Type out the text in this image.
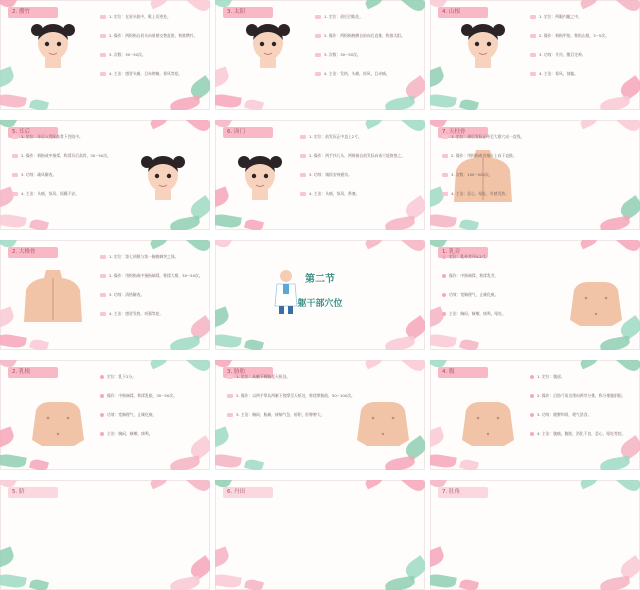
2. 攒竹
1. 定位：在眉头陷中，眶上切迹处。
2. 操作：两拇指自眉头向眉梢交替直推，称推攒竹。
3. 次数：30~50次。
4. 主治：感冒头痛，目赤肿痛，惊风等症。
3. 太阳
1. 定位：眉后凹陷处。
2. 操作：两拇指桡侧自前向后直推，称推太阳。
3. 次数：30~50次。
4. 主治：发热，头痛，惊风，目赤痛。
4. 山根
1. 定位：两眼内眦之中。
2. 操作：拇指甲掐，称掐山根，3~5次。
3. 功效：开窍，醒目定神。
4. 主治：惊风，抽搐。
5. 耳后
1. 定位：耳后入发际高骨下凹陷中。
2. 操作：拇指或中指揉，称揉耳后高骨，30~50次。
3. 功效：疏风解表。
4. 主治：头痛，惊风，烦躁不安。
6. 囟门
1. 定位：前发际正中直上2寸。
2. 操作：两手扶儿头，两拇指自前发际向该穴轮换推之。
3. 功效：镇惊安神通窍。
4. 主治：头痛，惊风，鼻塞。
7. 天柱骨
1. 定位：颈后发际正中至大椎穴成一直线。
2. 操作：用拇指或食指自上向下直推。
3. 次数：100~500次。
4. 主治：恶心，呕吐，外感发热。
2. 大椎骨
1. 定位：第七颈椎与第一胸椎棘突之间。
2. 操作：用拇指或中指指端揉，称揉大椎，30~50次。
3. 功效：清热解表。
4. 主治：感冒发热，项强等症。
第二节
躯干部穴位
1. 乳旁
定位：乳外旁开0.2寸。
操作：中指端揉，称揉乳旁。
功效：宽胸理气，止咳化痰。
主治：胸闷，咳嗽，痰鸣，呕吐。
2. 乳根
定位：乳下2分。
操作：中指端揉，称揉乳根，30~50次。
功效：宽胸理气，止咳化痰。
主治：胸闷，咳嗽，痰鸣。
3. 胁肋
1. 定位：从腋下两胁至天枢处。
2. 操作：以两手掌从两腋下搓摩至天枢处，称搓摩胁肋，50~100次。
3. 主治：胸闷，胁痛，痰喘气急，疳积，肝脾肿大。
4. 腹
1. 定位：腹部。
2. 操作：沿肋弓角边缘向两旁分推，称分推腹阴阳。
3. 功效：健脾和胃，理气消食。
4. 主治：腹痛，腹胀，消化不良，恶心，呕吐等症。
5. 脐	6. 丹田	7. 肚角
